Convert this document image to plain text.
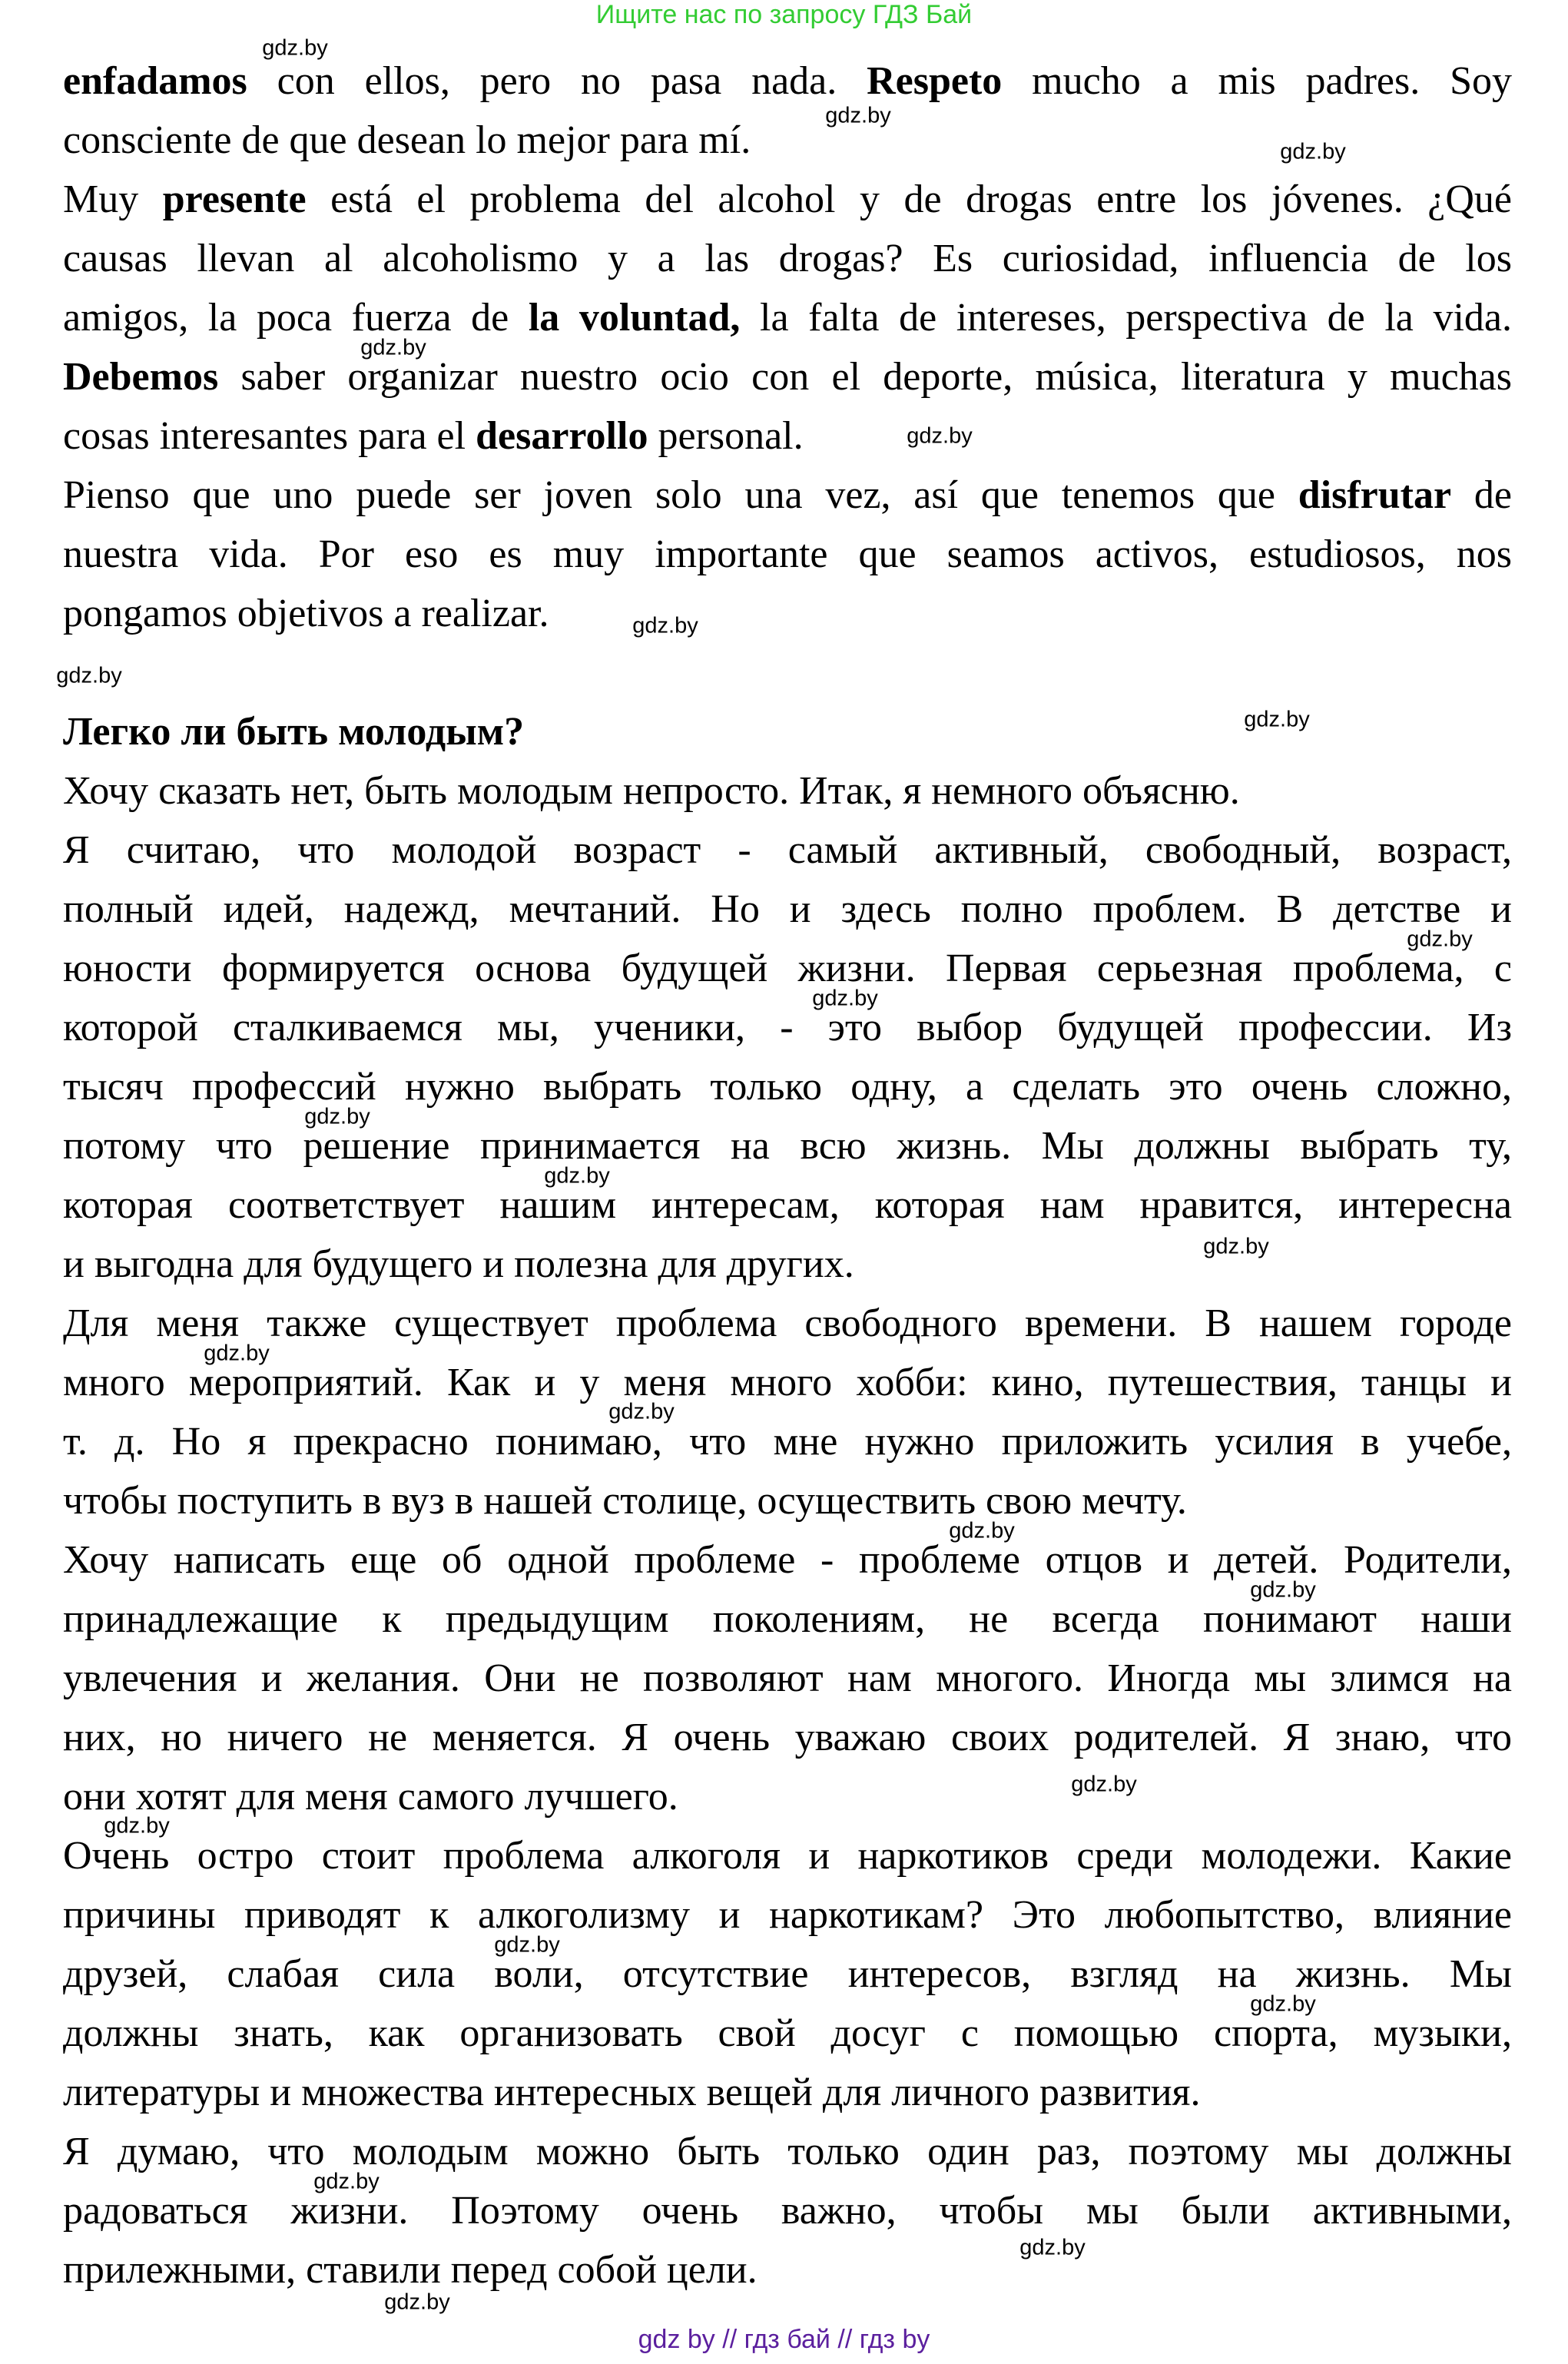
Ищите нас по запросу ГДЗ Бай
enfadamos con ellos, pero no pasa nada. Respeto mucho a mis padres. Soy
consciente de que desean lo mejor para mí.
Muy presente está el problema del alcohol y de drogas entre los jóvenes. ¿Qué
causas llevan al alcoholismo y a las drogas? Es curiosidad, influencia de los
amigos, la poca fuerza de la voluntad, la falta de intereses, perspectiva de la vida.
Debemos saber organizar nuestro ocio con el deporte, música, literatura y muchas
cosas interesantes para el desarrollo personal.
Pienso que uno puede ser joven solo una vez, así que tenemos que disfrutar de
nuestra vida. Por eso es muy importante que seamos activos, estudiosos, nos
pongamos objetivos a realizar.
Легко ли быть молодым?
Хочу сказать нет, быть молодым непросто. Итак, я немного объясню.
Я считаю, что молодой возраст - самый активный, свободный, возраст,
полный идей, надежд, мечтаний. Но и здесь полно проблем. В детстве и
юности формируется основа будущей жизни. Первая серьезная проблема, с
которой сталкиваемся мы, ученики, - это выбор будущей профессии. Из
тысяч профессий нужно выбрать только одну, а сделать это очень сложно,
потому что решение принимается на всю жизнь. Мы должны выбрать ту,
которая соответствует нашим интересам, которая нам нравится, интересна
и выгодна для будущего и полезна для других.
Для меня также существует проблема свободного времени. В нашем городе
много мероприятий. Как и у меня много хобби: кино, путешествия, танцы и
т. д. Но я прекрасно понимаю, что мне нужно приложить усилия в учебе,
чтобы поступить в вуз в нашей столице, осуществить свою мечту.
Хочу написать еще об одной проблеме - проблеме отцов и детей. Родители,
принадлежащие к предыдущим поколениям, не всегда понимают наши
увлечения и желания. Они не позволяют нам многого. Иногда мы злимся на
них, но ничего не меняется. Я очень уважаю своих родителей. Я знаю, что
они хотят для меня самого лучшего.
Очень остро стоит проблема алкоголя и наркотиков среди молодежи. Какие
причины приводят к алкоголизму и наркотикам? Это любопытство, влияние
друзей, слабая сила воли, отсутствие интересов, взгляд на жизнь. Мы
должны знать, как организовать свой досуг с помощью спорта, музыки,
литературы и множества интересных вещей для личного развития.
Я думаю, что молодым можно быть только один раз, поэтому мы должны
радоваться жизни. Поэтому очень важно, чтобы мы были активными,
прилежными, ставили перед собой цели.
gdz.by
gdz.by
gdz.by
gdz.by
gdz.by
gdz.by
gdz.by
gdz.by
gdz.by
gdz.by
gdz.by
gdz.by
gdz.by
gdz.by
gdz.by
gdz.by
gdz.by
gdz.by
gdz.by
gdz.by
gdz.by
gdz.by
gdz.by
gdz.by
gdz by // гдз бай // гдз by
